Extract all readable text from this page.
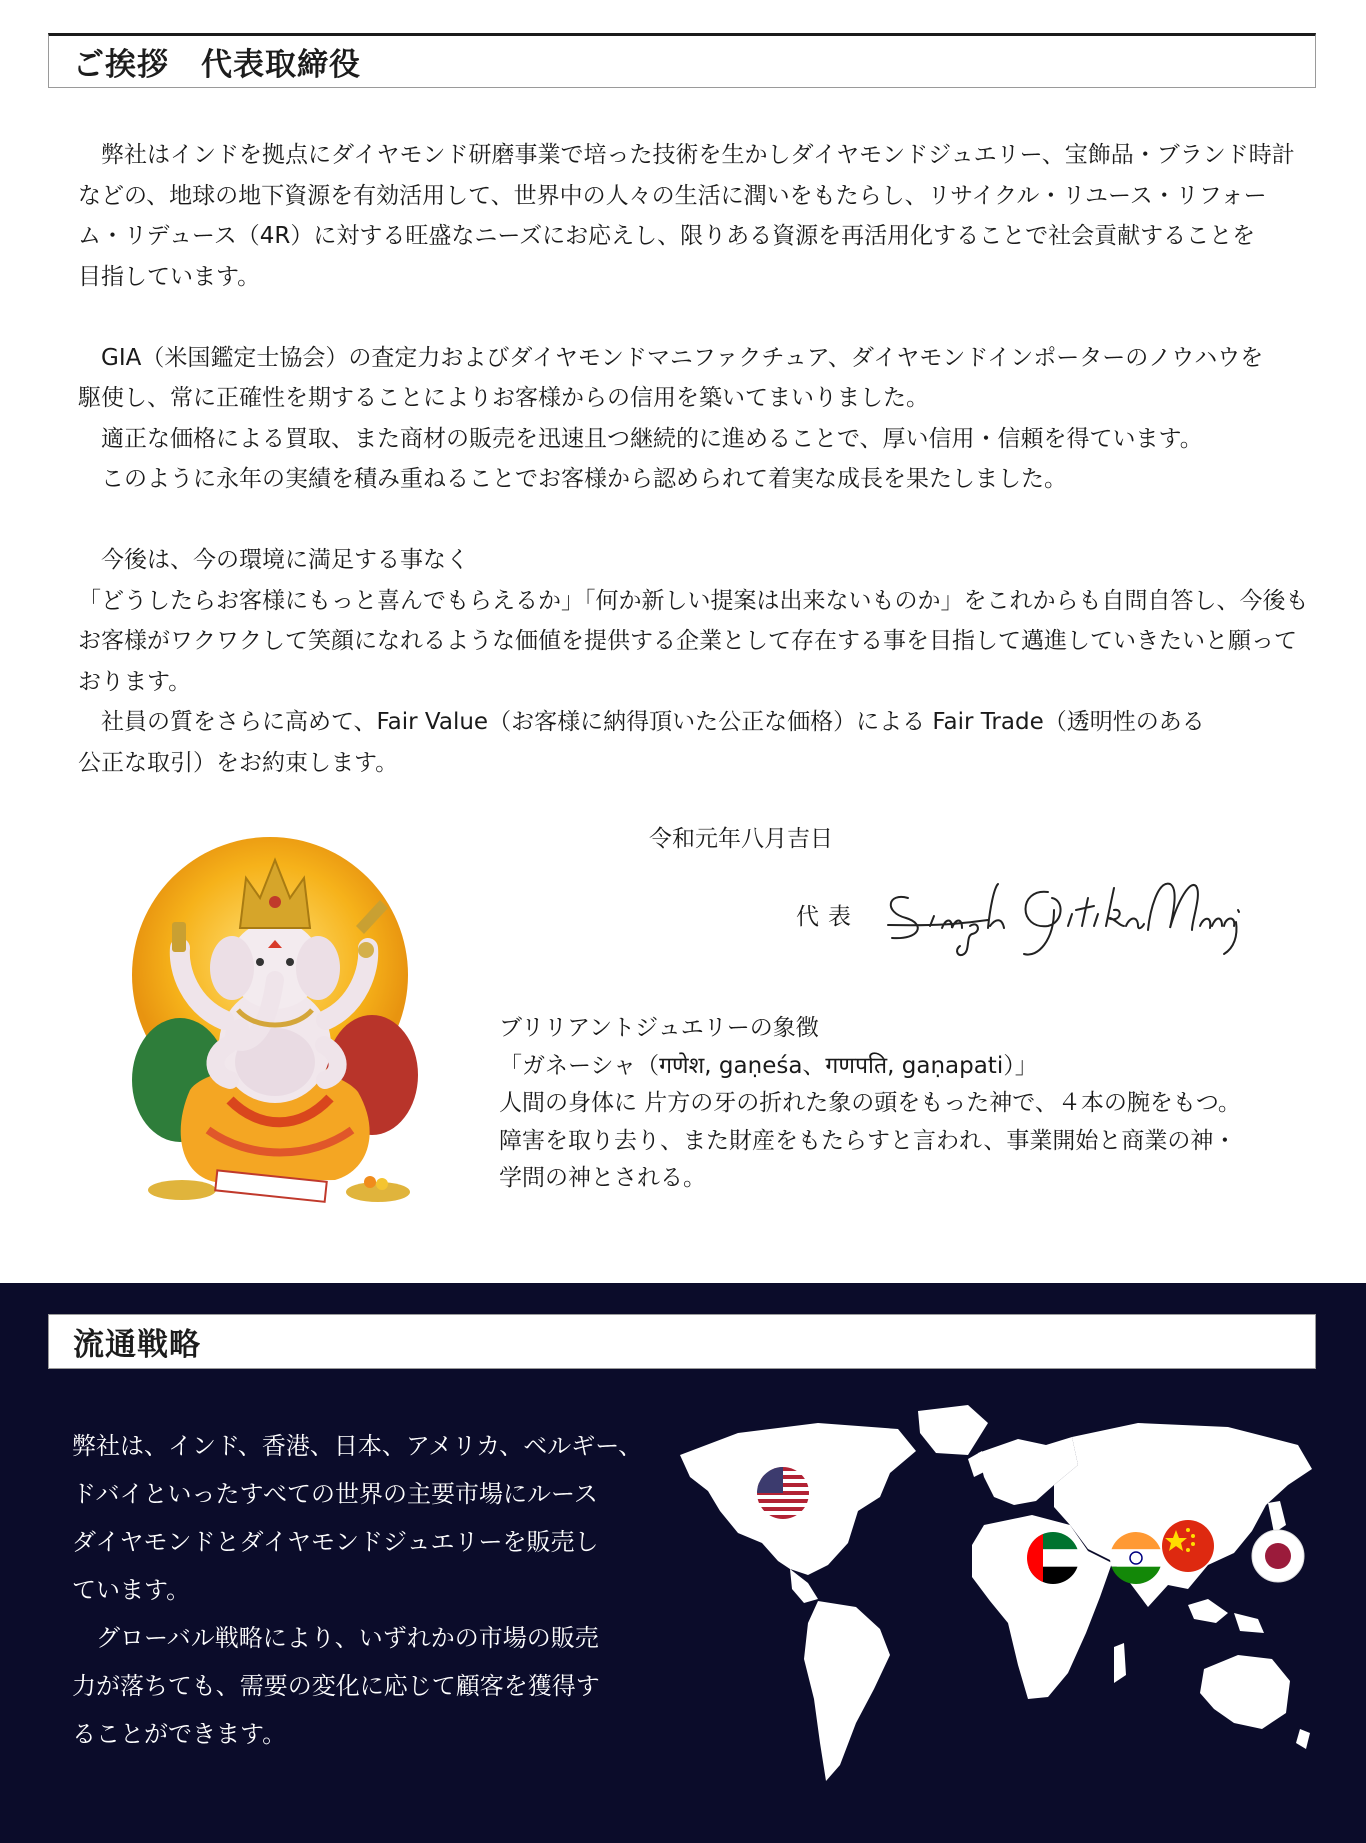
ご挨拶　代表取締役

　弊社はインドを拠点にダイヤモンド研磨事業で培った技術を生かしダイヤモンドジュエリー、宝飾品・ブランド時計

などの、地球の地下資源を有効活用して、世界中の人々の生活に潤いをもたらし、リサイクル・リユース・リフォー

ム・リデュース（4R）に対する旺盛なニーズにお応えし、限りある資源を再活用化することで社会貢献することを

目指しています。

　GIA（米国鑑定士協会）の査定力およびダイヤモンドマニファクチュア、ダイヤモンドインポーターのノウハウを

駆使し、常に正確性を期することによりお客様からの信用を築いてまいりました。

　適正な価格による買取、また商材の販売を迅速且つ継続的に進めることで、厚い信用・信頼を得ています。

　このように永年の実績を積み重ねることでお客様から認められて着実な成長を果たしました。

　今後は、今の環境に満足する事なく

「どうしたらお客様にもっと喜んでもらえるか」「何か新しい提案は出来ないものか」をこれからも自問自答し、今後も

お客様がワクワクして笑顔になれるような価値を提供する企業として存在する事を目指して邁進していきたいと願って

おります。

　社員の質をさらに高めて、Fair Value（お客様に納得頂いた公正な価格）による Fair Trade（透明性のある

公正な取引）をお約束します。

令和元年八月吉日
代表

ブリリアントジュエリーの象徴

「ガネーシャ（गणेश, gaṇeśa、गणपति, gaṇapati）」

人間の身体に 片方の牙の折れた象の頭をもった神で、４本の腕をもつ。

障害を取り去り、また財産をもたらすと言われ、事業開始と商業の神・

学問の神とされる。

流通戦略

弊社は、インド、香港、日本、アメリカ、ベルギー、

ドバイといったすべての世界の主要市場にルース

ダイヤモンドとダイヤモンドジュエリーを販売し

ています。

　グローバル戦略により、いずれかの市場の販売

力が落ちても、需要の変化に応じて顧客を獲得す

ることができます。
